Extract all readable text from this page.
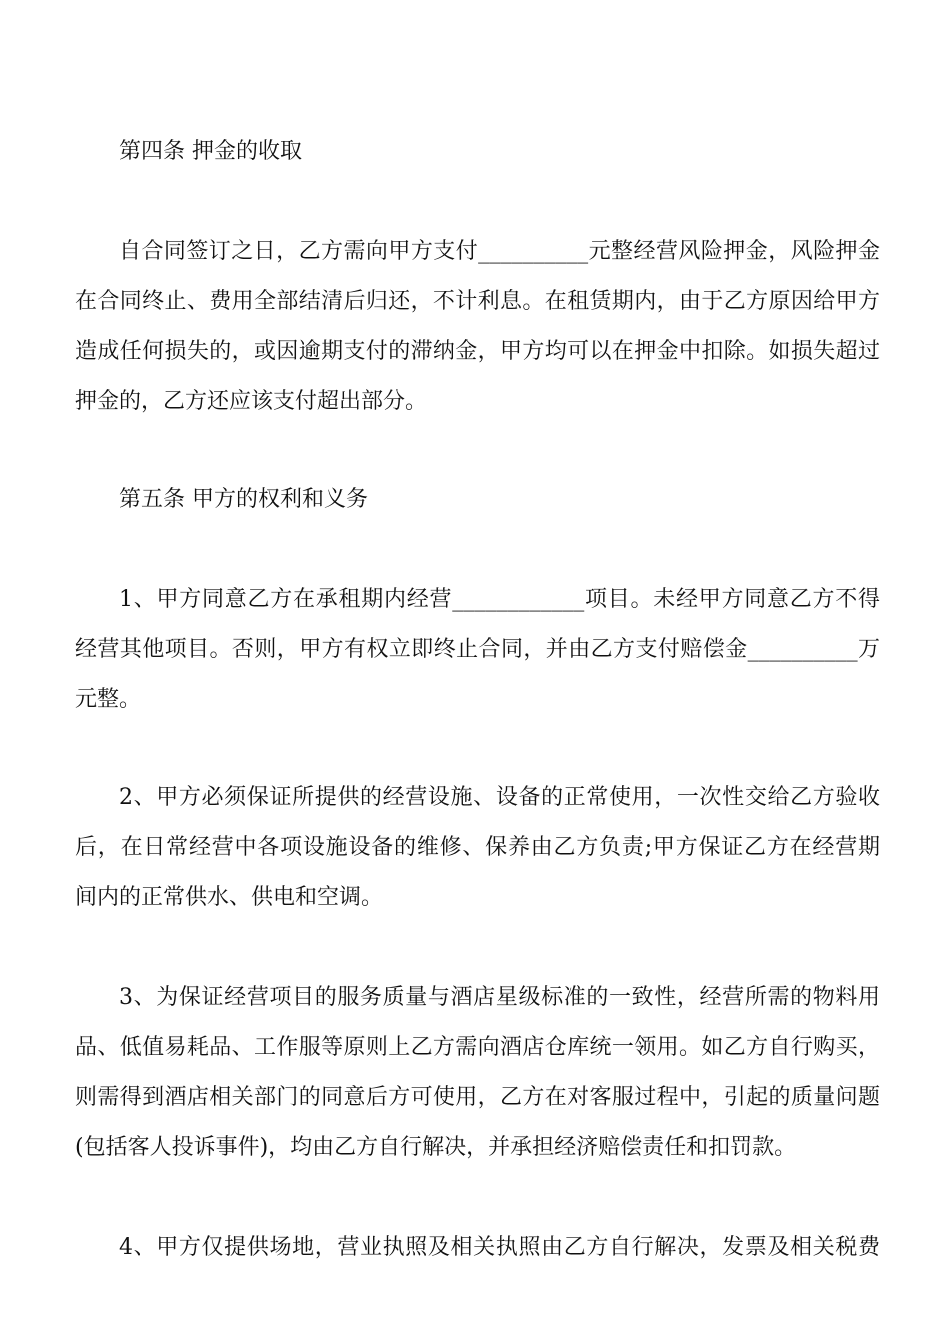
第四条 押金的收取
自合同签订之日，乙方需向甲方支付__________元整经营风险押金，风险押金
在合同终止、费用全部结清后归还，不计利息。在租赁期内，由于乙方原因给甲方
造成任何损失的，或因逾期支付的滞纳金，甲方均可以在押金中扣除。如损失超过
押金的，乙方还应该支付超出部分。
第五条 甲方的权利和义务
1、甲方同意乙方在承租期内经营____________项目。未经甲方同意乙方不得
经营其他项目。否则，甲方有权立即终止合同，并由乙方支付赔偿金__________万
元整。
2、甲方必须保证所提供的经营设施、设备的正常使用，一次性交给乙方验收
后，在日常经营中各项设施设备的维修、保养由乙方负责;甲方保证乙方在经营期
间内的正常供水、供电和空调。
3、为保证经营项目的服务质量与酒店星级标准的一致性，经营所需的物料用
品、低值易耗品、工作服等原则上乙方需向酒店仓库统一领用。如乙方自行购买，
则需得到酒店相关部门的同意后方可使用，乙方在对客服过程中，引起的质量问题
(包括客人投诉事件)，均由乙方自行解决，并承担经济赔偿责任和扣罚款。
4、甲方仅提供场地，营业执照及相关执照由乙方自行解决，发票及相关税费
